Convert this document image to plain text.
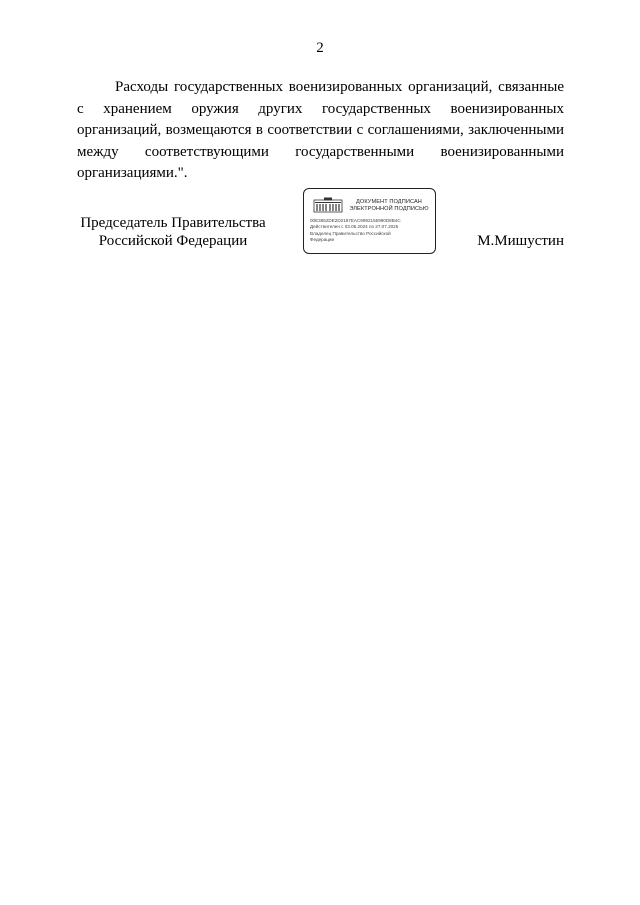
2

Расходы государственных военизированных организаций, связанные с хранением оружия других государственных военизированных организаций, возмещаются в соответствии с соглашениями, заключенными между соответствующими государственными военизированными организациями.".

Председатель Правительства
Российской Федерации
ДОКУМЕНТ ПОДПИСАН
ЭЛЕКТРОННОЙ ПОДПИСЬЮ
00E3652DE2D2197EAC9992155990D8B4C
Действителен с 03.05.2024 по 27.07.2025
Владелец Правительство Российской
Федерации	М.Мишустин
